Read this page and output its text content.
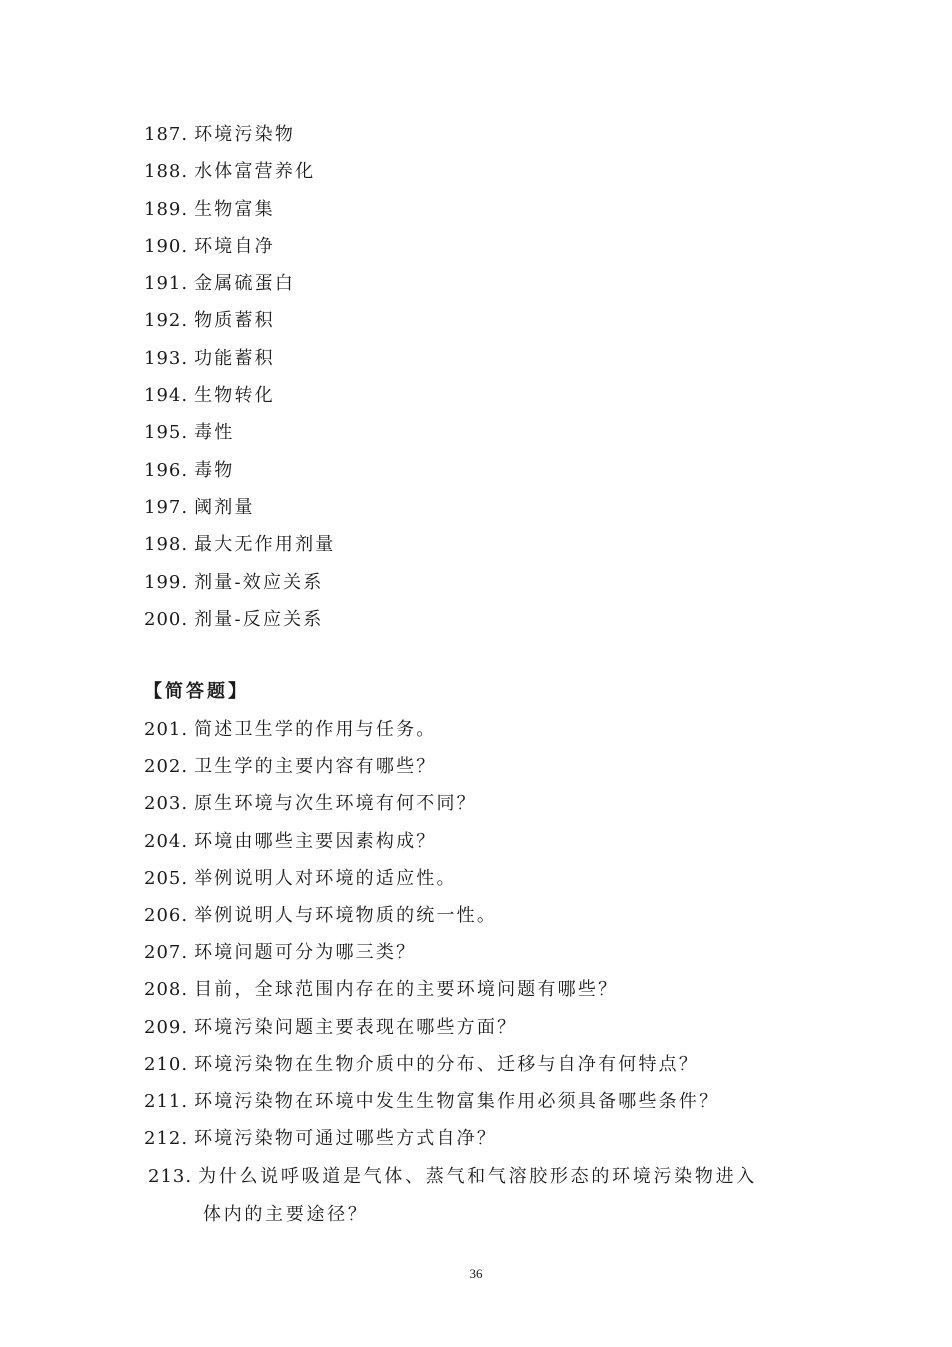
187. 环境污染物
188. 水体富营养化
189. 生物富集
190. 环境自净
191. 金属硫蛋白
192. 物质蓄积
193. 功能蓄积
194. 生物转化
195. 毒性
196. 毒物
197. 阈剂量
198. 最大无作用剂量
199. 剂量-效应关系
200. 剂量-反应关系
【简答题】
201. 简述卫生学的作用与任务。
202. 卫生学的主要内容有哪些？
203. 原生环境与次生环境有何不同？
204. 环境由哪些主要因素构成？
205. 举例说明人对环境的适应性。
206. 举例说明人与环境物质的统一性。
207. 环境问题可分为哪三类？
208. 目前，全球范围内存在的主要环境问题有哪些？
209. 环境污染问题主要表现在哪些方面？
210. 环境污染物在生物介质中的分布、迁移与自净有何特点？
211. 环境污染物在环境中发生生物富集作用必须具备哪些条件？
212. 环境污染物可通过哪些方式自净？
213. 为什么说呼吸道是气体、蒸气和气溶胶形态的环境污染物进入
体内的主要途径？
36
